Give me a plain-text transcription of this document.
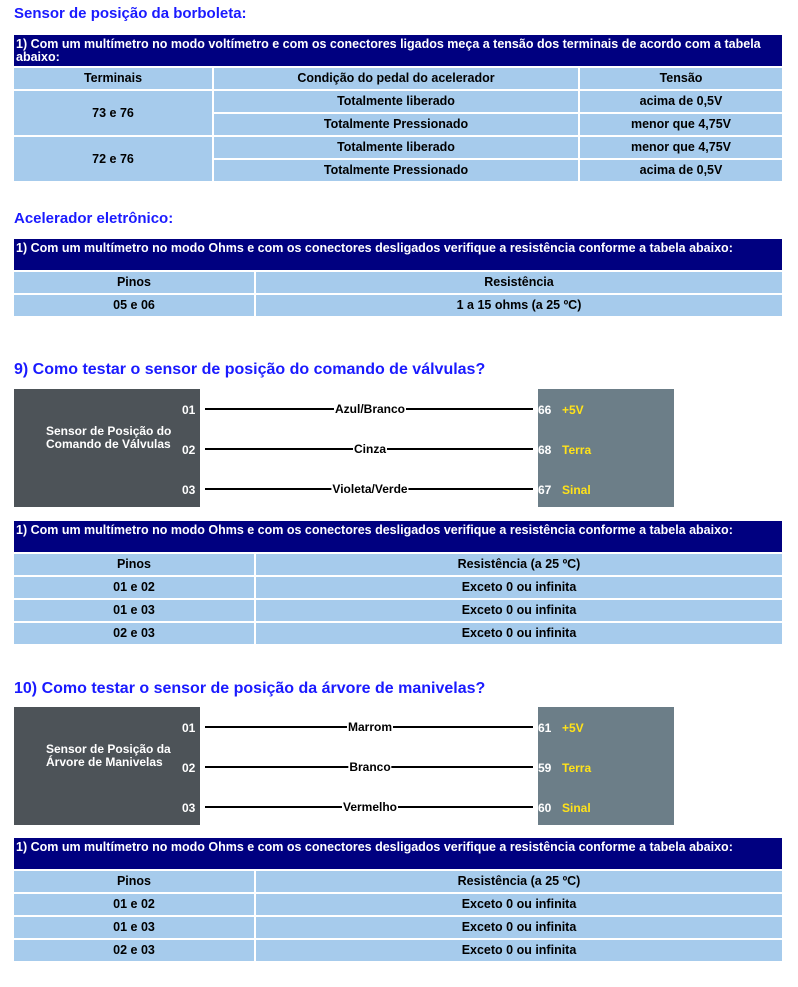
Sensor de posição da borboleta:
1) Com um multímetro no modo voltímetro e com os conectores ligados meça a tensão dos terminais de acordo com a tabela abaixo:
Terminais	Condição do pedal do acelerador	Tensão
73 e 76	Totalmente liberado	acima de 0,5V
	Totalmente Pressionado	menor que 4,75V
72 e 76	Totalmente liberado	menor que 4,75V
	Totalmente Pressionado	acima de 0,5V
Acelerador eletrônico:
1) Com um multímetro no modo Ohms e com os conectores desligados verifique a resistência conforme a tabela abaixo:
Pinos	Resistência
05 e 06	1 a 15 ohms (a 25 ºC)
9) Como testar o sensor de posição do comando de válvulas?
Sensor de Posição do Comando de Válvulas
01
02
03
Azul/Branco
Cinza
Violeta/Verde
66
68
67
+5V
Terra
Sinal
1) Com um multímetro no modo Ohms e com os conectores desligados verifique a resistência conforme a tabela abaixo:
Pinos	Resistência (a 25 ºC)
01 e 02	Exceto 0 ou infinita
01 e 03	Exceto 0 ou infinita
02 e 03	Exceto 0 ou infinita
10) Como testar o sensor de posição da árvore de manivelas?
Sensor de Posição da Árvore de Manivelas
01
02
03
Marrom
Branco
Vermelho
61
59
60
+5V
Terra
Sinal
1) Com um multímetro no modo Ohms e com os conectores desligados verifique a resistência conforme a tabela abaixo:
Pinos	Resistência (a 25 ºC)
01 e 02	Exceto 0 ou infinita
01 e 03	Exceto 0 ou infinita
02 e 03	Exceto 0 ou infinita
